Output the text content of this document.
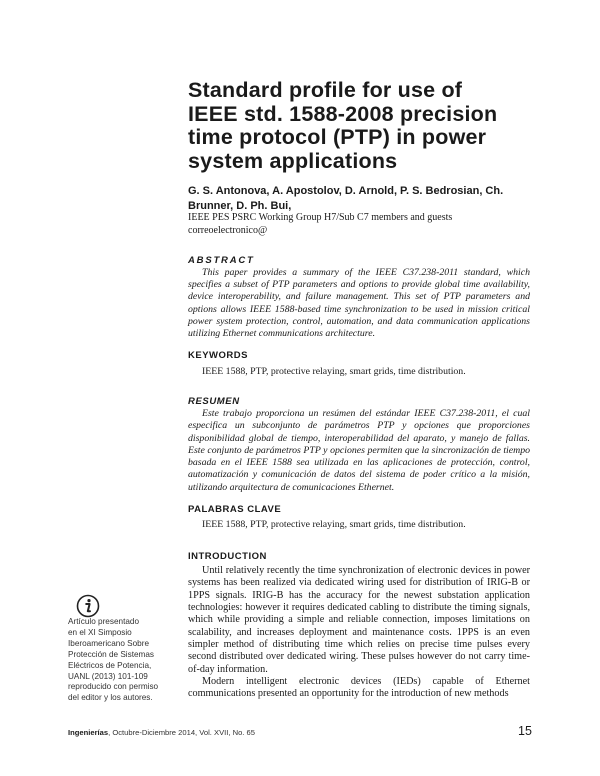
Standard profile for use of
IEEE std. 1588-2008 precision
time protocol (PTP) in power
system applications
G. S. Antonova, A. Apostolov, D. Arnold, P. S. Bedrosian, Ch.
Brunner, D. Ph. Bui,
IEEE PES PSRC Working Group H7/Sub C7 members and guests
correoelectronico@
ABSTRACT
This paper provides a summary of the IEEE C37.238-2011 standard, which specifies a subset of PTP parameters and options to provide global time availability, device interoperability, and failure management. This set of PTP parameters and options allows IEEE 1588-based time synchronization to be used in mission critical power system protection, control, automation, and data communication applications utilizing Ethernet communications architecture.
KEYWORDS
IEEE 1588, PTP, protective relaying, smart grids, time distribution.
RESUMEN
Este trabajo proporciona un resúmen del estándar IEEE C37.238-2011, el cual especifica un subconjunto de parámetros PTP y opciones que proporciones disponibilidad global de tiempo, interoperabilidad del aparato, y manejo de fallas. Este conjunto de parámetros PTP y opciones permiten que la sincronización de tiempo basada en el IEEE 1588 sea utilizada en las aplicaciones de protección, control, automatización y comunicación de datos del sistema de poder crítico a la misión, utilizando arquitectura de comunicaciones Ethernet.
PALABRAS CLAVE
IEEE 1588, PTP, protective relaying, smart grids, time distribution.
INTRODUCTION

Until relatively recently the time synchronization of electronic devices in power systems has been realized via dedicated wiring used for distribution of IRIG-B or 1PPS signals. IRIG-B has the accuracy for the newest substation application technologies: however it requires dedicated cabling to distribute the timing signals, which while providing a simple and reliable connection, imposes limitations on scalability, and increases deployment and maintenance costs. 1PPS is an even simpler method of distributing time which relies on precise time pulses every second distributed over dedicated wiring. These pulses however do not carry time-of-day information.

Modern intelligent electronic devices (IEDs) capable of Ethernet communications presented an opportunity for the introduction of new methods

Artículo presentado
en el XI Simposio
Iberoamericano Sobre
Protección de Sistemas
Eléctricos de Potencia,
UANL (2013) 101-109
reproducido con permiso
del editor y los autores.
Ingenierías, Octubre-Diciembre 2014, Vol. XVII, No. 65	15
